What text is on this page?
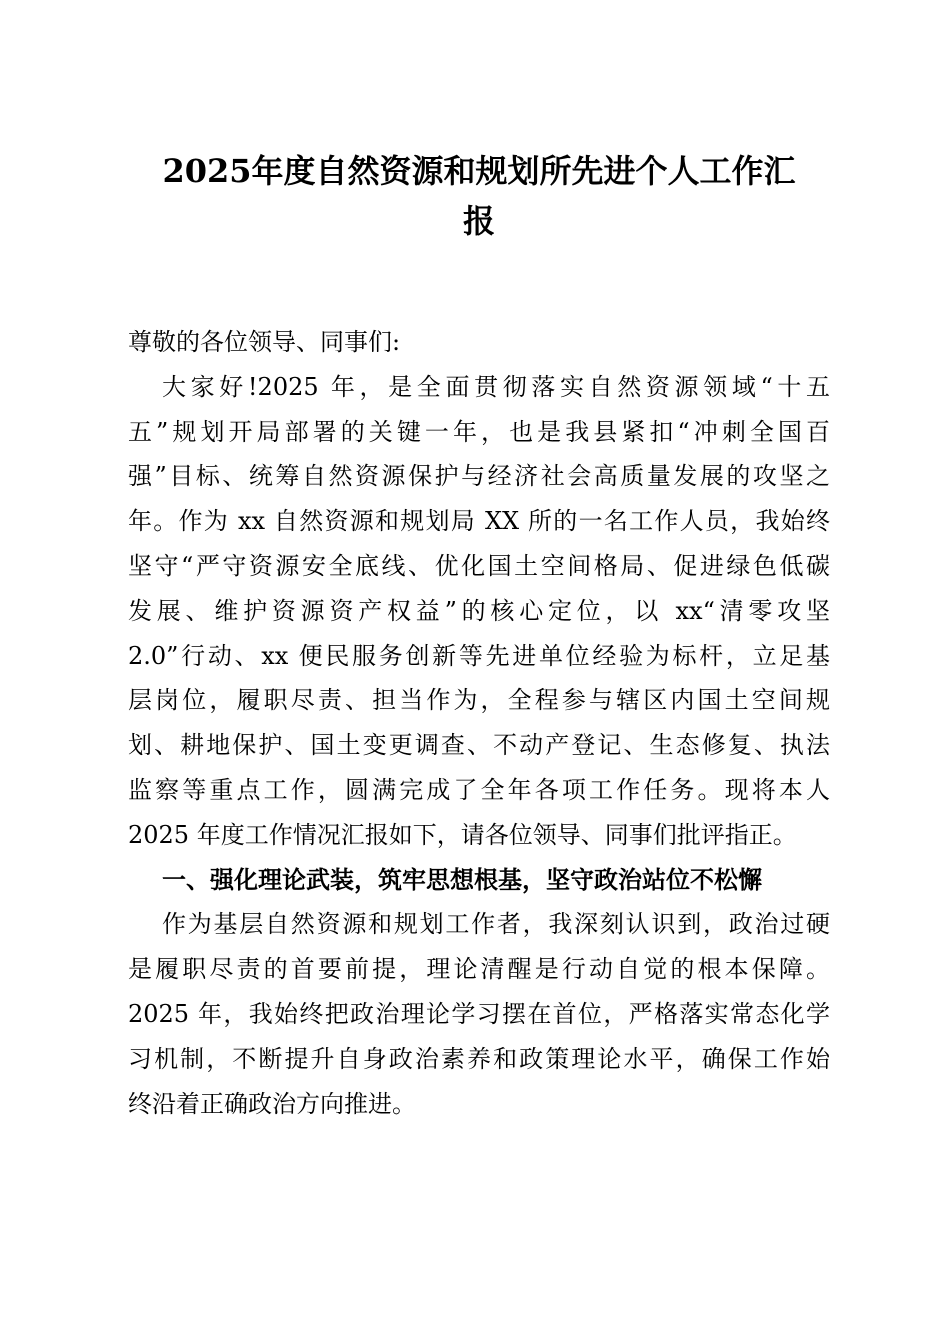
2025年度自然资源和规划所先进个人工作汇
报
尊敬的各位领导、同事们:
大家好!2025 年，是全面贯彻落实自然资源领域“十五
五”规划开局部署的关键一年，也是我县紧扣“冲刺全国百
强”目标、统筹自然资源保护与经济社会高质量发展的攻坚之
年。作为 xx 自然资源和规划局 XX 所的一名工作人员，我始终
坚守“严守资源安全底线、优化国土空间格局、促进绿色低碳
发展、维护资源资产权益”的核心定位，以 xx“清零攻坚
2.0”行动、xx 便民服务创新等先进单位经验为标杆，立足基
层岗位，履职尽责、担当作为，全程参与辖区内国土空间规
划、耕地保护、国土变更调查、不动产登记、生态修复、执法
监察等重点工作，圆满完成了全年各项工作任务。现将本人
2025 年度工作情况汇报如下，请各位领导、同事们批评指正。
一、强化理论武装，筑牢思想根基，坚守政治站位不松懈
作为基层自然资源和规划工作者，我深刻认识到，政治过硬
是履职尽责的首要前提，理论清醒是行动自觉的根本保障。
2025 年，我始终把政治理论学习摆在首位，严格落实常态化学
习机制，不断提升自身政治素养和政策理论水平，确保工作始
终沿着正确政治方向推进。
